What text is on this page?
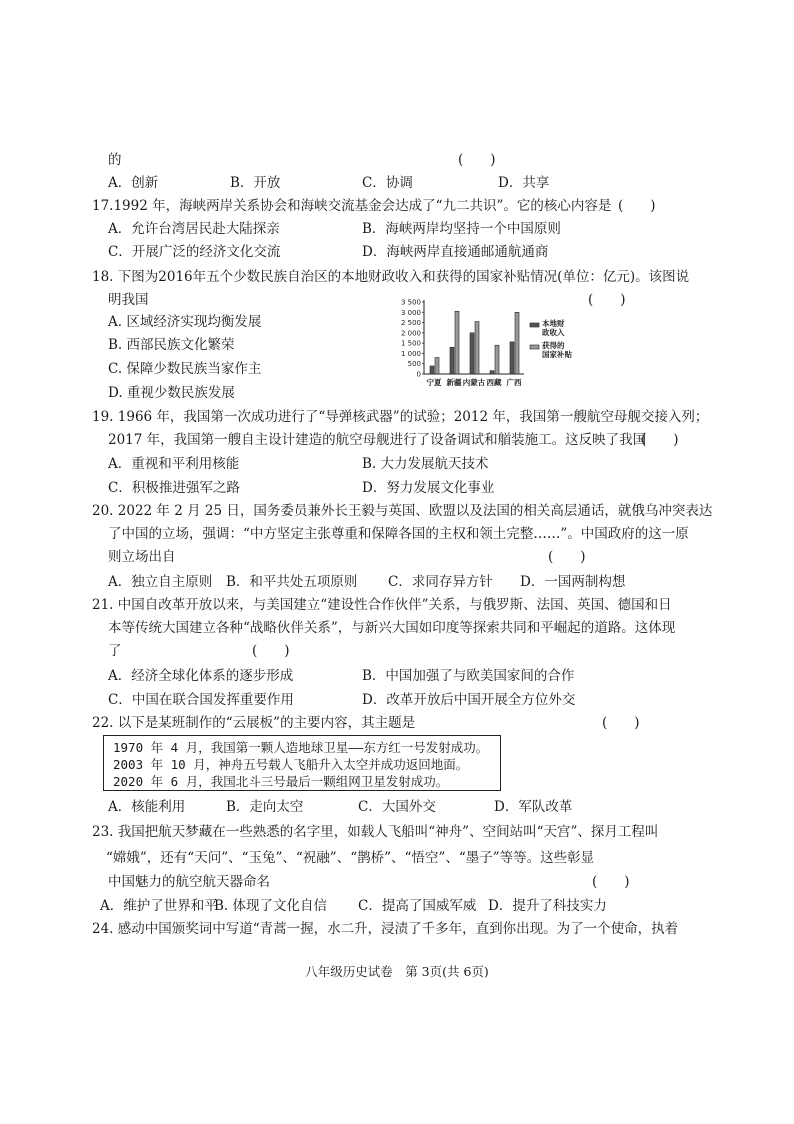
的	(　　)
A．创新	B．开放	C．协调	D．共享
17.1992 年，海峡两岸关系协会和海峡交流基金会达成了“九二共识”。它的核心内容是 (　　)
A．允许台湾居民赴大陆探亲	B．海峡两岸均坚持一个中国原则
C．开展广泛的经济文化交流	D．海峡两岸直接通邮通航通商
18. 下图为2016年五个少数民族自治区的本地财政收入和获得的国家补贴情况(单位：亿元)。该图说
明我国	(　　)
A. 区域经济实现均衡发展
B. 西部民族文化繁荣
C. 保障少数民族当家作主
D. 重视少数民族发展
3 500
3 000
2 500
2 000
1 500
1 000
500
0
宁夏 新疆 内蒙古 西藏 广西
本地财政收入
获得的国家补贴
19. 1966 年，我国第一次成功进行了“导弹核武器”的试验；2012 年，我国第一艘航空母舰交接入列；
2017 年，我国第一艘自主设计建造的航空母舰进行了设备调试和艏装施工。这反映了我国
(　　)
A．重视和平利用核能	B. 大力发展航天技术
C．积极推进强军之路	D．努力发展文化事业
20. 2022 年 2 月 25 日，国务委员兼外长王毅与英国、欧盟以及法国的相关高层通话，就俄乌冲突表达
了中国的立场，强调：“中方坚定主张尊重和保障各国的主权和领土完整……”。中国政府的这一原
则立场出自	(　　)
A．独立自主原则 B．和平共处五项原则 C．求同存异方针 D．一国两制构想
21. 中国自改革开放以来，与美国建立“建设性合作伙伴”关系，与俄罗斯、法国、英国、德国和日
本等传统大国建立各种“战略伙伴关系”，与新兴大国如印度等探索共同和平崛起的道路。这体现
了	(　　)
A．经济全球化体系的逐步形成	B．中国加强了与欧美国家间的合作
C．中国在联合国发挥重要作用	D．改革开放后中国开展全方位外交
22. 以下是某班制作的“云展板”的主要内容，其主题是	(　　)
1970 年 4 月，我国第一颗人造地球卫星——东方红一号发射成功。
2003 年 10 月，神舟五号载人飞船升入太空并成功返回地面。
2020 年 6 月，我国北斗三号最后一颗组网卫星发射成功。
A．核能利用	B．走向太空	C．大国外交	D．军队改革
23. 我国把航天梦藏在一些熟悉的名字里，如载人飞船叫“神舟”、空间站叫“天宫”、探月工程叫
“嫦娥”，还有“天问”、“玉兔”、“祝融”、“鹊桥”、“悟空”、“墨子”等等。这些彰显
中国魅力的航空航天器命名	(　　)
A．维护了世界和平
B. 体现了文化自信 C．提高了国威军威 D．提升了科技实力
24. 感动中国颁奖词中写道“青蒿一握，水二升，浸渍了千多年，直到你出现。为了一个使命，执着
八年级历史试卷　第 3页(共 6页)
